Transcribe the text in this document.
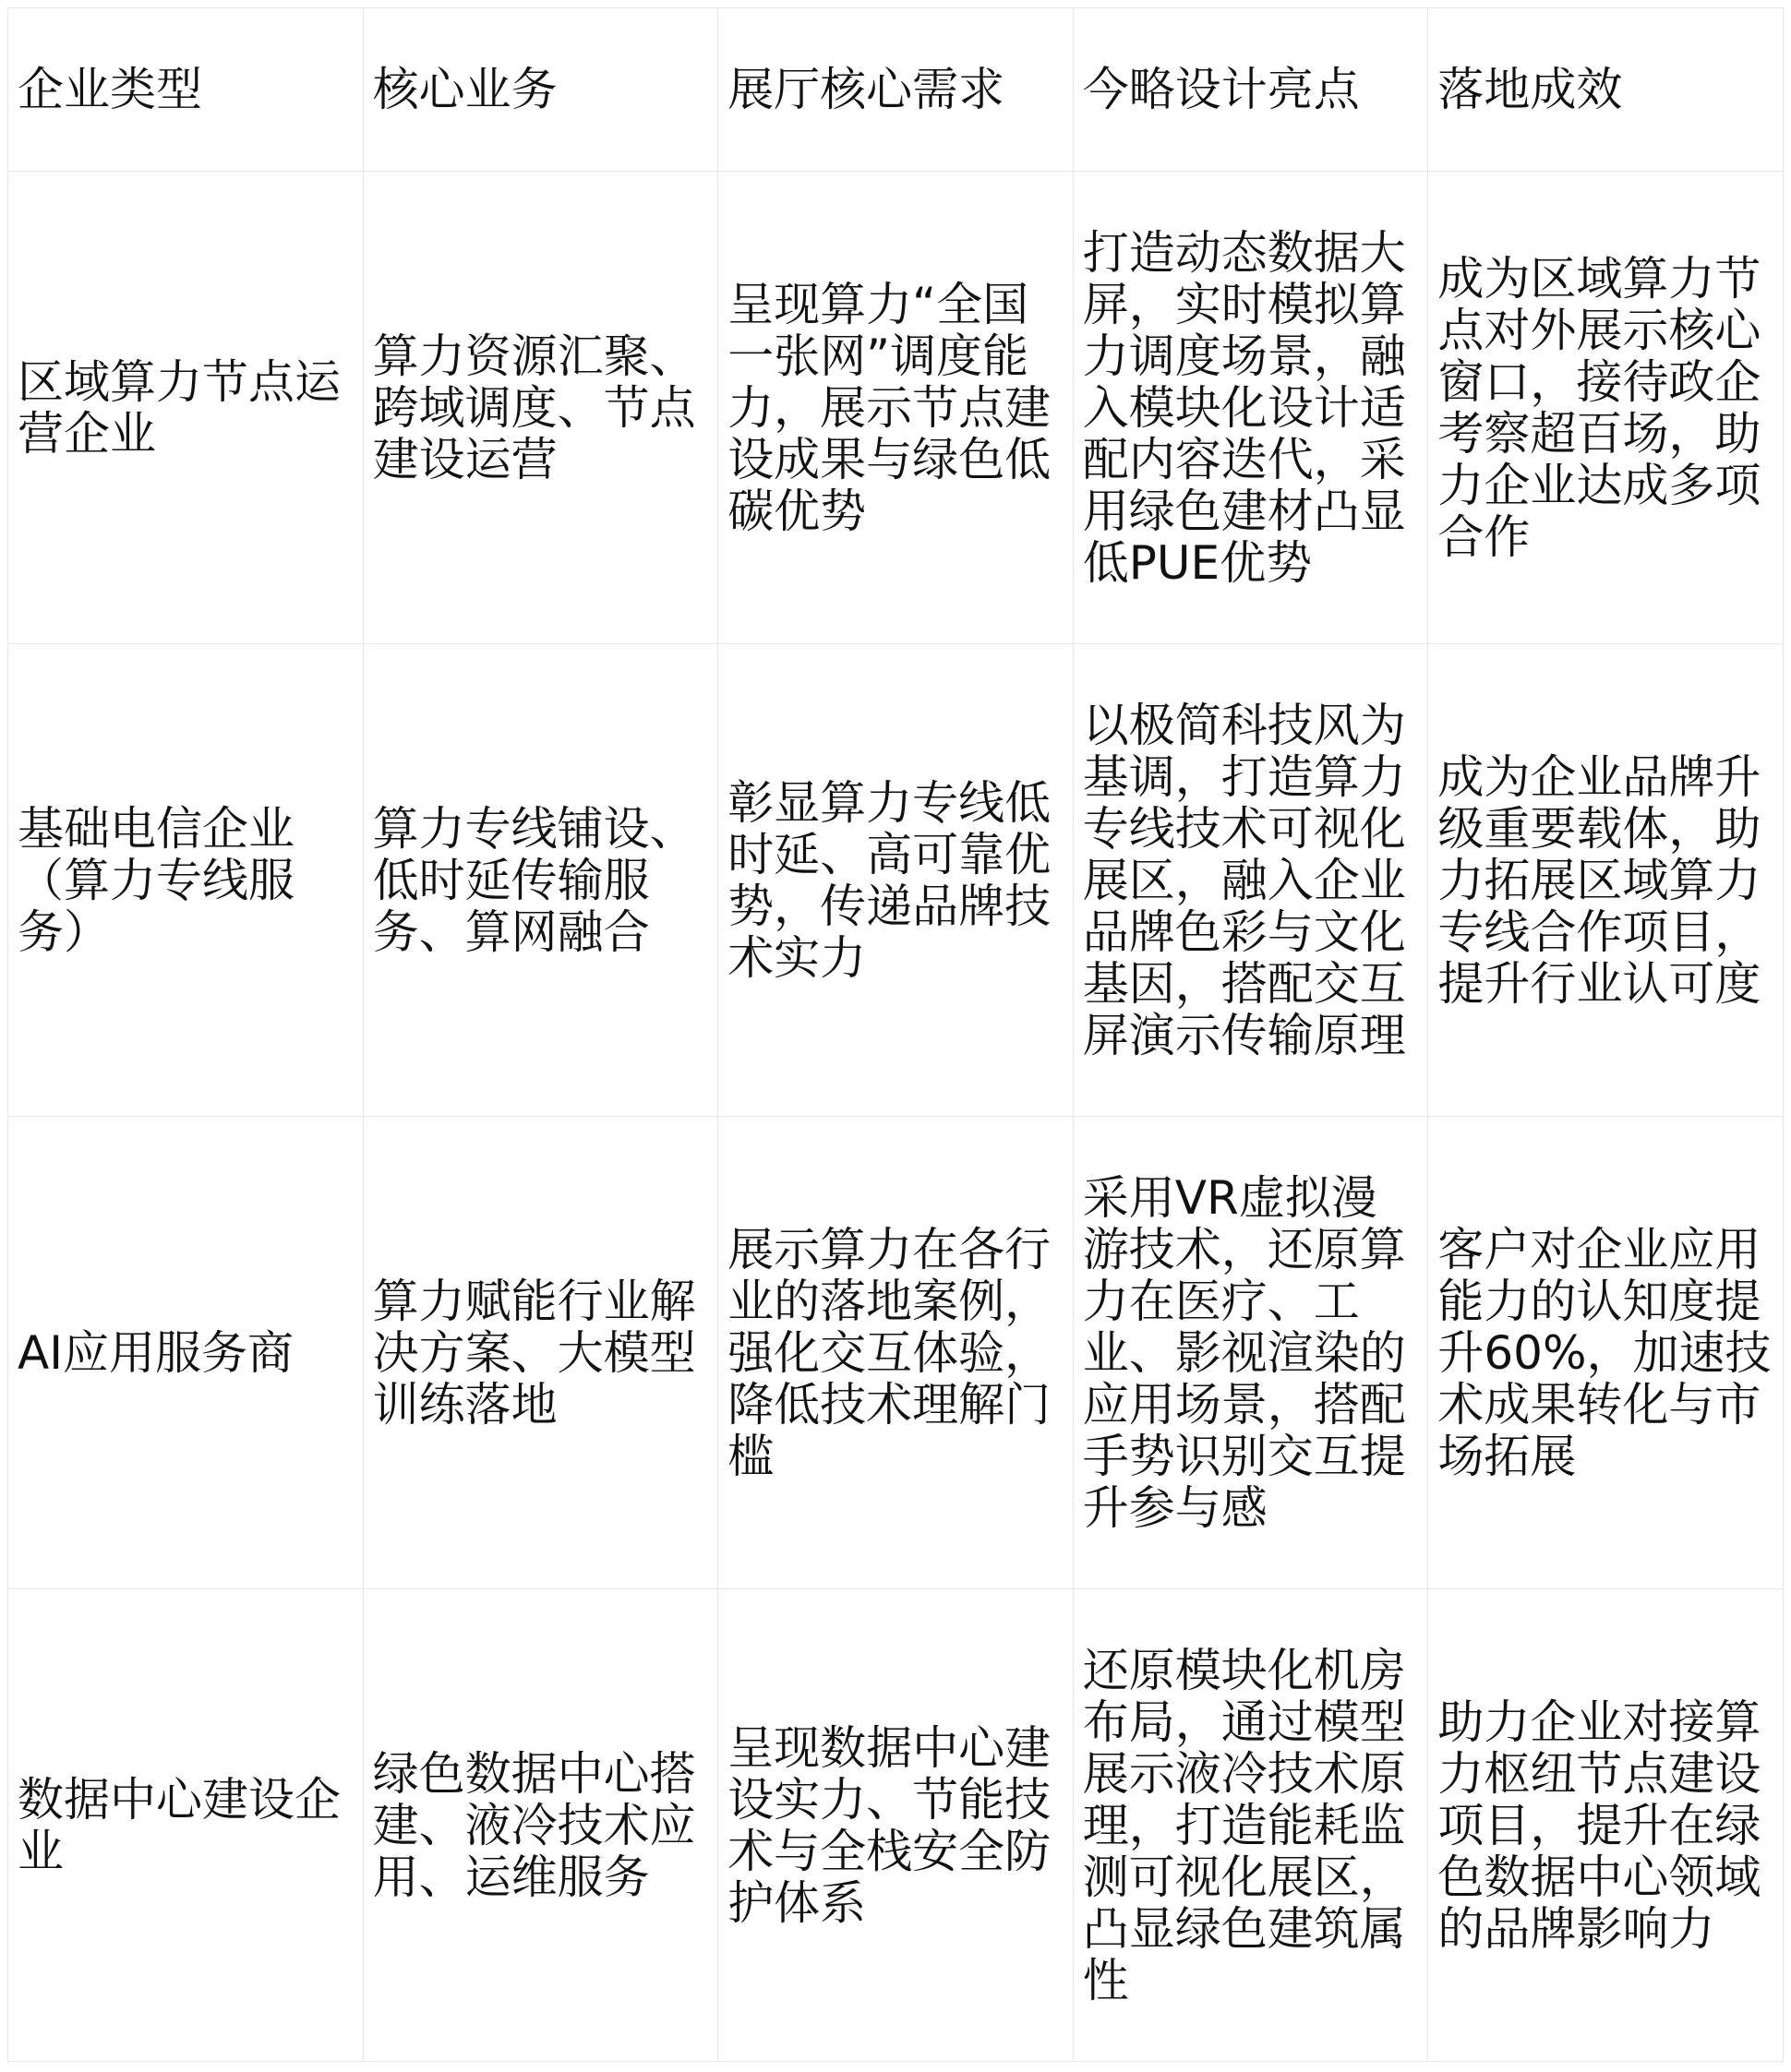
企业类型	核心业务	展厅核心需求	今略设计亮点	落地成效
区域算力节点运营企业	算力资源汇聚、跨域调度、节点建设运营	呈现算力“全国一张网”调度能力，展示节点建设成果与绿色低碳优势	打造动态数据大屏，实时模拟算力调度场景，融入模块化设计适配内容迭代，采用绿色建材凸显低PUE优势	成为区域算力节点对外展示核心窗口，接待政企考察超百场，助力企业达成多项合作
基础电信企业（算力专线服务）	算力专线铺设、低时延传输服务、算网融合	彰显算力专线低时延、高可靠优势，传递品牌技术实力	以极简科技风为基调，打造算力专线技术可视化展区，融入企业品牌色彩与文化基因，搭配交互屏演示传输原理	成为企业品牌升级重要载体，助力拓展区域算力专线合作项目，提升行业认可度
AI应用服务商	算力赋能行业解决方案、大模型训练落地	展示算力在各行业的落地案例，强化交互体验，降低技术理解门槛	采用VR虚拟漫游技术，还原算力在医疗、工业、影视渲染的应用场景，搭配手势识别交互提升参与感	客户对企业应用能力的认知度提升60%，加速技术成果转化与市场拓展
数据中心建设企业	绿色数据中心搭建、液冷技术应用、运维服务	呈现数据中心建设实力、节能技术与全栈安全防护体系	还原模块化机房布局，通过模型展示液冷技术原理，打造能耗监测可视化展区，凸显绿色建筑属性	助力企业对接算力枢纽节点建设项目，提升在绿色数据中心领域的品牌影响力
